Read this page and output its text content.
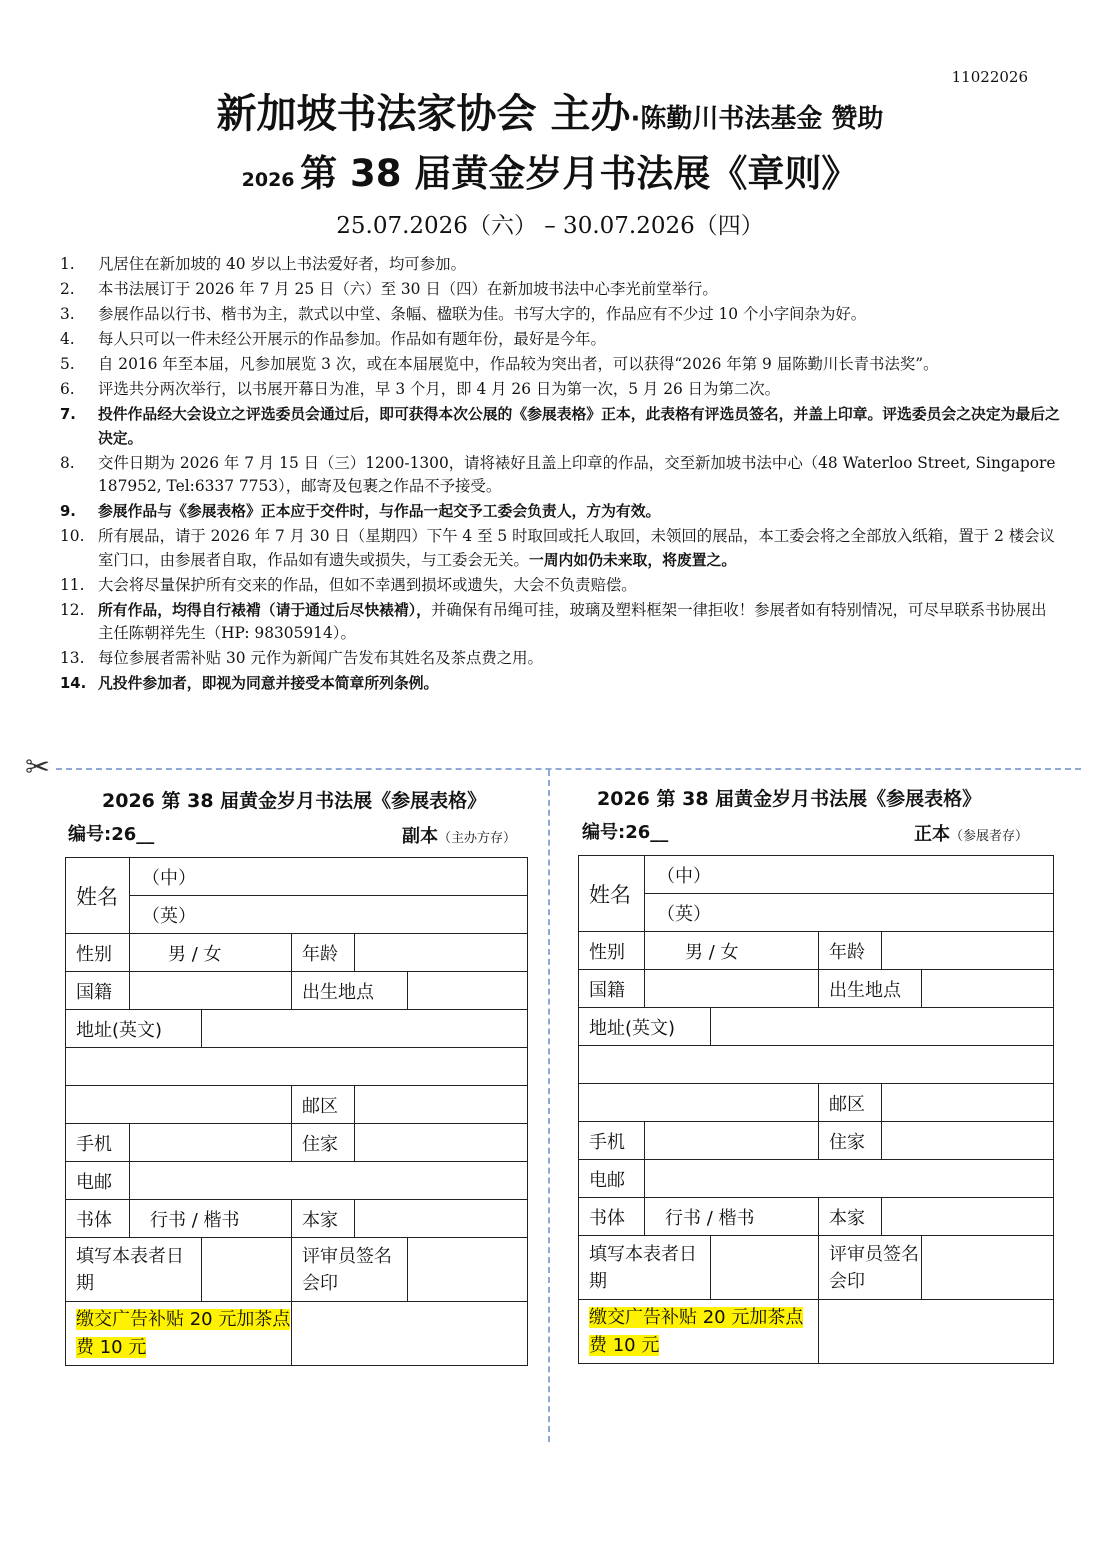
11022026
新加坡书法家协会 主办·陈勤川书法基金 赞助
2026 第 38 届黄金岁月书法展《章则》
25.07.2026（六） – 30.07.2026（四）
1.	凡居住在新加坡的 40 岁以上书法爱好者，均可参加。
2.	本书法展订于 2026 年 7 月 25 日（六）至 30 日（四）在新加坡书法中心李光前堂举行。
3.	参展作品以行书、楷书为主，款式以中堂、条幅、楹联为佳。书写大字的，作品应有不少过 10 个小字间杂为好。
4.	每人只可以一件未经公开展示的作品参加。作品如有题年份，最好是今年。
5.	自 2016 年至本届，凡参加展览 3 次，或在本届展览中，作品较为突出者，可以获得“2026 年第 9 届陈勤川长青书法奖”。
6.	评选共分两次举行，以书展开幕日为准，早 3 个月，即 4 月 26 日为第一次，5 月 26 日为第二次。
7.	投件作品经大会设立之评选委员会通过后，即可获得本次公展的《参展表格》正本，此表格有评选员签名，并盖上印章。评选委员会之决定为最后之决定。
8.	交件日期为 2026 年 7 月 15 日（三）1200-1300，请将裱好且盖上印章的作品，交至新加坡书法中心（48 Waterloo Street, Singapore 187952, Tel:6337 7753），邮寄及包裹之作品不予接受。
9.	参展作品与《参展表格》正本应于交件时，与作品一起交予工委会负责人，方为有效。
10. 所有展品，请于 2026 年 7 月 30 日（星期四）下午 4 至 5 时取回或托人取回，未领回的展品，本工委会将之全部放入纸箱，置于 2 楼会议室门口，由参展者自取，作品如有遗失或损失，与工委会无关。一周内如仍未来取，将废置之。
11. 大会将尽量保护所有交来的作品，但如不幸遇到损坏或遗失，大会不负责赔偿。
12. 所有作品，均得自行裱褙（请于通过后尽快裱褙），并确保有吊绳可挂，玻璃及塑料框架一律拒收！参展者如有特别情况，可尽早联系书协展出主任陈朝祥先生（HP: 98305914）。
13. 每位参展者需补贴 30 元作为新闻广告发布其姓名及茶点费之用。
14. 凡投件参加者，即视为同意并接受本简章所列条例。
✂
2026 第 38 届黄金岁月书法展《参展表格》
编号:26__	副本（主办方存）
姓名	（中）				
	（英）				
性别	男 / 女		年龄		
国籍			出生地点		
地址(英文)					

			邮区		
手机			住家		
电邮					
书体	行书 / 楷书		本家		
填写本表者日期			评审员签名会印		
缴交广告补贴 20 元加茶点费 10 元					
2026 第 38 届黄金岁月书法展《参展表格》
编号:26__	正本（参展者存）
姓名	（中）				
	（英）				
性别	男 / 女		年龄		
国籍			出生地点		
地址(英文)					

			邮区		
手机			住家		
电邮					
书体	行书 / 楷书		本家		
填写本表者日期			评审员签名会印		
缴交广告补贴 20 元加茶点费 10 元					
